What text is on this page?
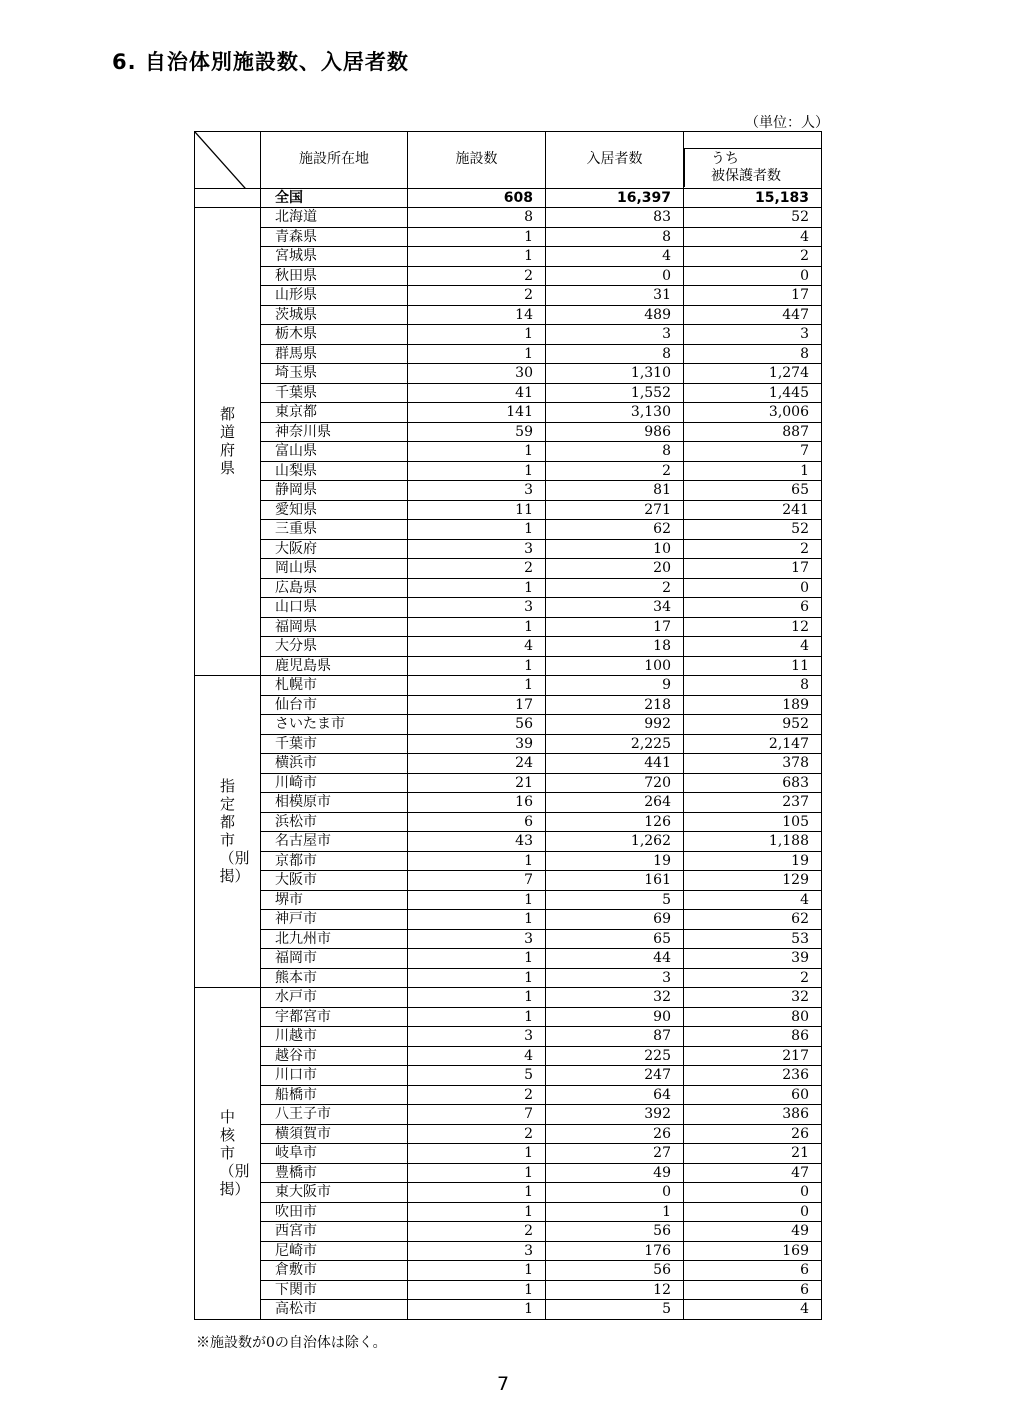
6. 自治体別施設数、入居者数
（単位：人）
	施設所在地	施設数	入居者数	うち
被保護者数

	全国	608	16,397	15,183
都道府県	北海道	8	83	52
	青森県	1	8	4
	宮城県	1	4	2
	秋田県	2	0	0
	山形県	2	31	17
	茨城県	14	489	447
	栃木県	1	3	3
	群馬県	1	8	8
	埼玉県	30	1,310	1,274
	千葉県	41	1,552	1,445
	東京都	141	3,130	3,006
	神奈川県	59	986	887
	富山県	1	8	7
	山梨県	1	2	1
	静岡県	3	81	65
	愛知県	11	271	241
	三重県	1	62	52
	大阪府	3	10	2
	岡山県	2	20	17
	広島県	1	2	0
	山口県	3	34	6
	福岡県	1	17	12
	大分県	4	18	4
	鹿児島県	1	100	11
指定都市（別掲）	札幌市	1	9	8
	仙台市	17	218	189
	さいたま市	56	992	952
	千葉市	39	2,225	2,147
	横浜市	24	441	378
	川崎市	21	720	683
	相模原市	16	264	237
	浜松市	6	126	105
	名古屋市	43	1,262	1,188
	京都市	1	19	19
	大阪市	7	161	129
	堺市	1	5	4
	神戸市	1	69	62
	北九州市	3	65	53
	福岡市	1	44	39
	熊本市	1	3	2
中核市（別掲）	水戸市	1	32	32
	宇都宮市	1	90	80
	川越市	3	87	86
	越谷市	4	225	217
	川口市	5	247	236
	船橋市	2	64	60
	八王子市	7	392	386
	横須賀市	2	26	26
	岐阜市	1	27	21
	豊橋市	1	49	47
	東大阪市	1	0	0
	吹田市	1	1	0
	西宮市	2	56	49
	尼崎市	3	176	169
	倉敷市	1	56	6
	下関市	1	12	6
	高松市	1	5	4
※施設数が0の自治体は除く。
7
